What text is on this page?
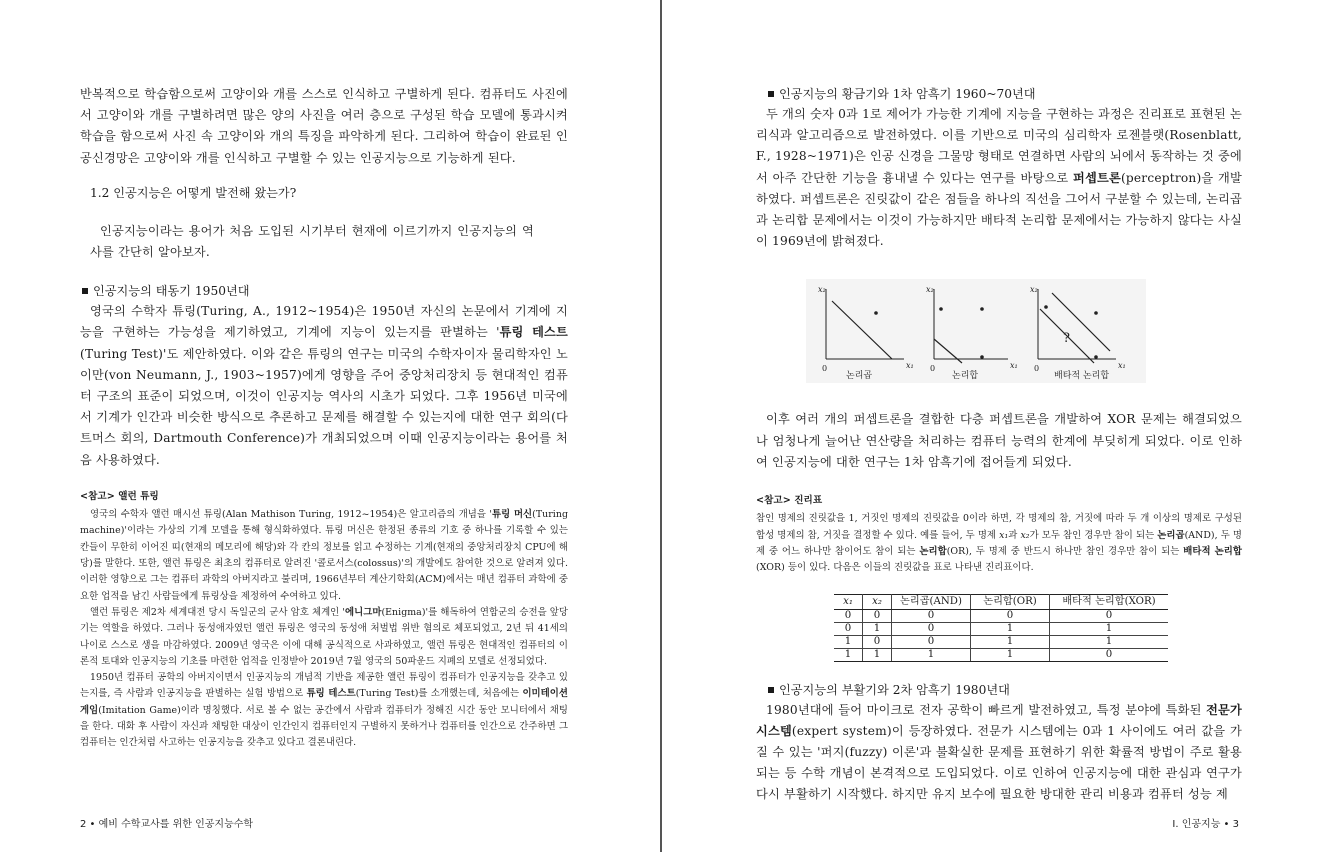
반복적으로 학습함으로써 고양이와 개를 스스로 인식하고 구별하게 된다. 컴퓨터도 사진에서 고양이와 개를 구별하려면 많은 양의 사진을 여러 층으로 구성된 학습 모델에 통과시켜 학습을 함으로써 사진 속 고양이와 개의 특징을 파악하게 된다. 그리하여 학습이 완료된 인공신경망은 고양이와 개를 인식하고 구별할 수 있는 인공지능으로 기능하게 된다.

1.2 인공지능은 어떻게 발전해 왔는가?

인공지능이라는 용어가 처음 도입된 시기부터 현재에 이르기까지 인공지능의 역사를 간단히 알아보자.

인공지능의 태동기 1950년대

영국의 수학자 튜링(Turing, A., 1912~1954)은 1950년 자신의 논문에서 기계에 지능을 구현하는 가능성을 제기하였고, 기계에 지능이 있는지를 판별하는 '튜링 테스트(Turing Test)'도 제안하였다. 이와 같은 튜링의 연구는 미국의 수학자이자 물리학자인 노이만(von Neumann, J., 1903~1957)에게 영향을 주어 중앙처리장치 등 현대적인 컴퓨터 구조의 표준이 되었으며, 이것이 인공지능 역사의 시초가 되었다. 그후 1956년 미국에서 기계가 인간과 비슷한 방식으로 추론하고 문제를 해결할 수 있는지에 대한 연구 회의(다트머스 회의, Dartmouth Conference)가 개최되었으며 이때 인공지능이라는 용어를 처음 사용하였다.

<참고> 앨런 튜링

영국의 수학자 앨런 매시선 튜링(Alan Mathison Turing, 1912~1954)은 알고리즘의 개념을 '튜링 머신(Turing machine)'이라는 가상의 기계 모델을 통해 형식화하였다. 튜링 머신은 한정된 종류의 기호 중 하나를 기록할 수 있는 칸들이 무한히 이어진 띠(현재의 메모리에 해당)와 각 칸의 정보를 읽고 수정하는 기계(현재의 중앙처리장치 CPU에 해당)를 말한다. 또한, 앨런 튜링은 최초의 컴퓨터로 알려진 '콜로서스(colossus)'의 개발에도 참여한 것으로 알려져 있다. 이러한 영향으로 그는 컴퓨터 과학의 아버지라고 불리며, 1966년부터 계산기학회(ACM)에서는 매년 컴퓨터 과학에 중요한 업적을 남긴 사람들에게 튜링상을 제정하여 수여하고 있다.

앨런 튜링은 제2차 세계대전 당시 독일군의 군사 암호 체계인 '에니그마(Enigma)'를 해독하여 연합군의 승전을 앞당기는 역할을 하였다. 그러나 동성애자였던 앨런 튜링은 영국의 동성애 처벌법 위반 혐의로 체포되었고, 2년 뒤 41세의 나이로 스스로 생을 마감하였다. 2009년 영국은 이에 대해 공식적으로 사과하였고, 앨런 튜링은 현대적인 컴퓨터의 이론적 토대와 인공지능의 기초를 마련한 업적을 인정받아 2019년 7월 영국의 50파운드 지폐의 모델로 선정되었다.

1950년 컴퓨터 공학의 아버지이면서 인공지능의 개념적 기반을 제공한 앨런 튜링이 컴퓨터가 인공지능을 갖추고 있는지를, 즉 사람과 인공지능을 판별하는 실험 방법으로 튜링 테스트(Turing Test)를 소개했는데, 처음에는 이미테이션 게임(Imitation Game)이라 명칭했다. 서로 볼 수 없는 공간에서 사람과 컴퓨터가 정해진 시간 동안 모니터에서 채팅을 한다. 대화 후 사람이 자신과 채팅한 대상이 인간인지 컴퓨터인지 구별하지 못하거나 컴퓨터를 인간으로 간주하면 그 컴퓨터는 인간처럼 사고하는 인공지능을 갖추고 있다고 결론내린다.

2 • 예비 수학교사를 위한 인공지능수학
인공지능의 황금기와 1차 암흑기 1960~70년대

두 개의 숫자 0과 1로 제어가 가능한 기계에 지능을 구현하는 과정은 진리표로 표현된 논리식과 알고리즘으로 발전하였다. 이를 기반으로 미국의 심리학자 로젠블랫(Rosenblatt, F., 1928~1971)은 인공 신경을 그물망 형태로 연결하면 사람의 뇌에서 동작하는 것 중에서 아주 간단한 기능을 흉내낼 수 있다는 연구를 바탕으로 퍼셉트론(perceptron)을 개발하였다. 퍼셉트론은 진릿값이 같은 점들을 하나의 직선을 그어서 구분할 수 있는데, 논리곱과 논리합 문제에서는 이것이 가능하지만 배타적 논리합 문제에서는 가능하지 않다는 사실이 1969년에 밝혀졌다.

x₂
x₁
0
논리곱
x₂
x₁
0
논리합
x₂
x₁
0
?
배타적 논리합

이후 여러 개의 퍼셉트론을 결합한 다층 퍼셉트론을 개발하여 XOR 문제는 해결되었으나 엄청나게 늘어난 연산량을 처리하는 컴퓨터 능력의 한계에 부딪히게 되었다. 이로 인하여 인공지능에 대한 연구는 1차 암흑기에 접어들게 되었다.

<참고> 진리표

참인 명제의 진릿값을 1, 거짓인 명제의 진릿값을 0이라 하면, 각 명제의 참, 거짓에 따라 두 개 이상의 명제로 구성된 합성 명제의 참, 거짓을 결정할 수 있다. 예를 들어, 두 명제 x₁과 x₂가 모두 참인 경우만 참이 되는 논리곱(AND), 두 명제 중 어느 하나만 참이어도 참이 되는 논리합(OR), 두 명제 중 반드시 하나만 참인 경우만 참이 되는 배타적 논리합(XOR) 등이 있다. 다음은 이들의 진릿값을 표로 나타낸 진리표이다.

x₁	x₂	논리곱(AND)	논리합(OR)	배타적 논리합(XOR)
0	0	0	0	0
0	1	0	1	1
1	0	0	1	1
1	1	1	1	0
인공지능의 부활기와 2차 암흑기 1980년대

1980년대에 들어 마이크로 전자 공학이 빠르게 발전하였고, 특정 분야에 특화된 전문가 시스템(expert system)이 등장하였다. 전문가 시스템에는 0과 1 사이에도 여러 값을 가질 수 있는 '퍼지(fuzzy) 이론'과 불확실한 문제를 표현하기 위한 확률적 방법이 주로 활용되는 등 수학 개념이 본격적으로 도입되었다. 이로 인하여 인공지능에 대한 관심과 연구가 다시 부활하기 시작했다. 하지만 유지 보수에 필요한 방대한 관리 비용과 컴퓨터 성능 제

I. 인공지능 • 3
